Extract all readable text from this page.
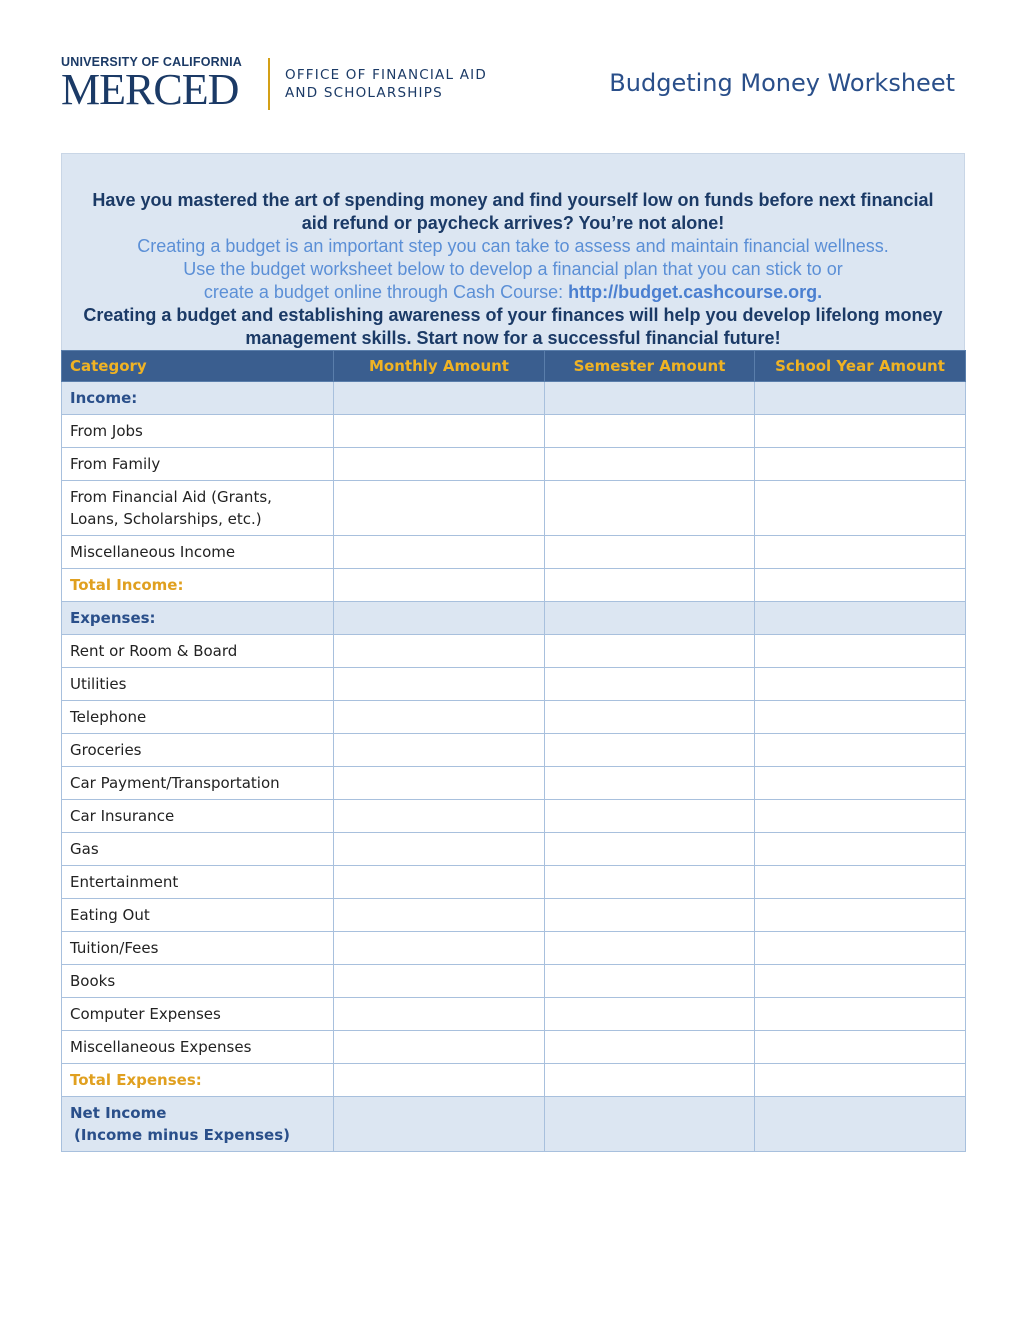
UNIVERSITY OF CALIFORNIA
MERCED	OFFICE OF FINANCIAL AID
AND SCHOLARSHIPS	Budgeting Money Worksheet
Have you mastered the art of spending money and find yourself low on funds before next financial aid refund or paycheck arrives? You’re not alone!
Creating a budget is an important step you can take to assess and maintain financial wellness.
Use the budget worksheet below to develop a financial plan that you can stick to or
create a budget online through Cash Course: http://budget.cashcourse.org.
Creating a budget and establishing awareness of your finances will help you develop lifelong money management skills. Start now for a successful financial future!
Category	Monthly Amount	Semester Amount	School Year Amount
Income:			
From Jobs			
From Family			
From Financial Aid (Grants, Loans, Scholarships, etc.)			
Miscellaneous Income			
Total Income:			
Expenses:			
Rent or Room & Board			
Utilities			
Telephone			
Groceries			
Car Payment/Transportation			
Car Insurance			
Gas			
Entertainment			
Eating Out			
Tuition/Fees			
Books			
Computer Expenses			
Miscellaneous Expenses			
Total Expenses:			
Net Income
(Income minus Expenses)			
